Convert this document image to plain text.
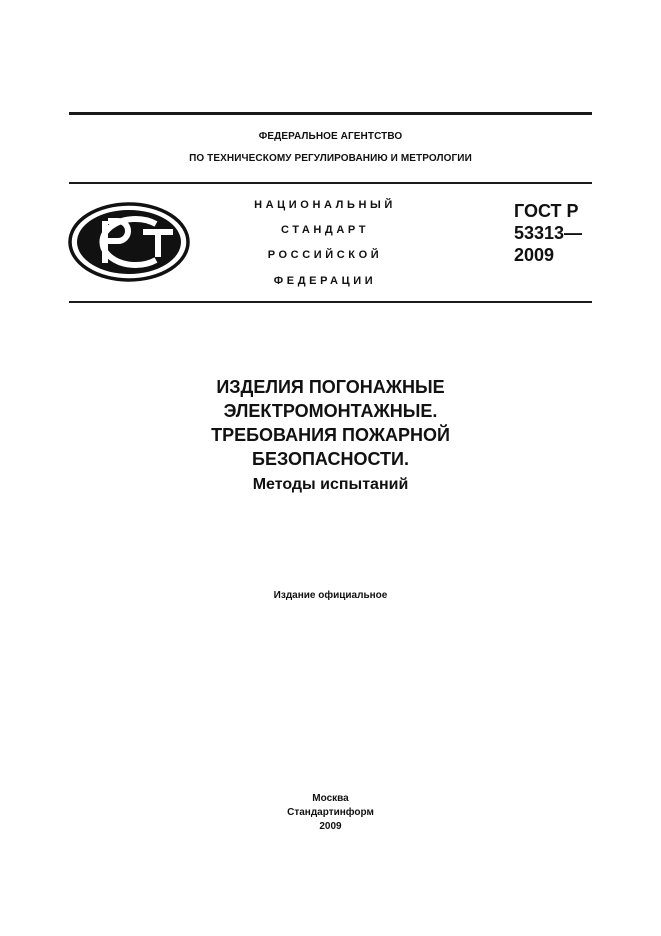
ФЕДЕРАЛЬНОЕ АГЕНТСТВО
ПО ТЕХНИЧЕСКОМУ РЕГУЛИРОВАНИЮ И МЕТРОЛОГИИ
НАЦИОНАЛЬНЫЙ
СТАНДАРТ
РОССИЙСКОЙ
ФЕДЕРАЦИИ
ГОСТ Р
53313—
2009
ИЗДЕЛИЯ ПОГОНАЖНЫЕ
ЭЛЕКТРОМОНТАЖНЫЕ.
ТРЕБОВАНИЯ ПОЖАРНОЙ
БЕЗОПАСНОСТИ.
Методы испытаний
Издание официальное
Москва
Стандартинформ
2009
